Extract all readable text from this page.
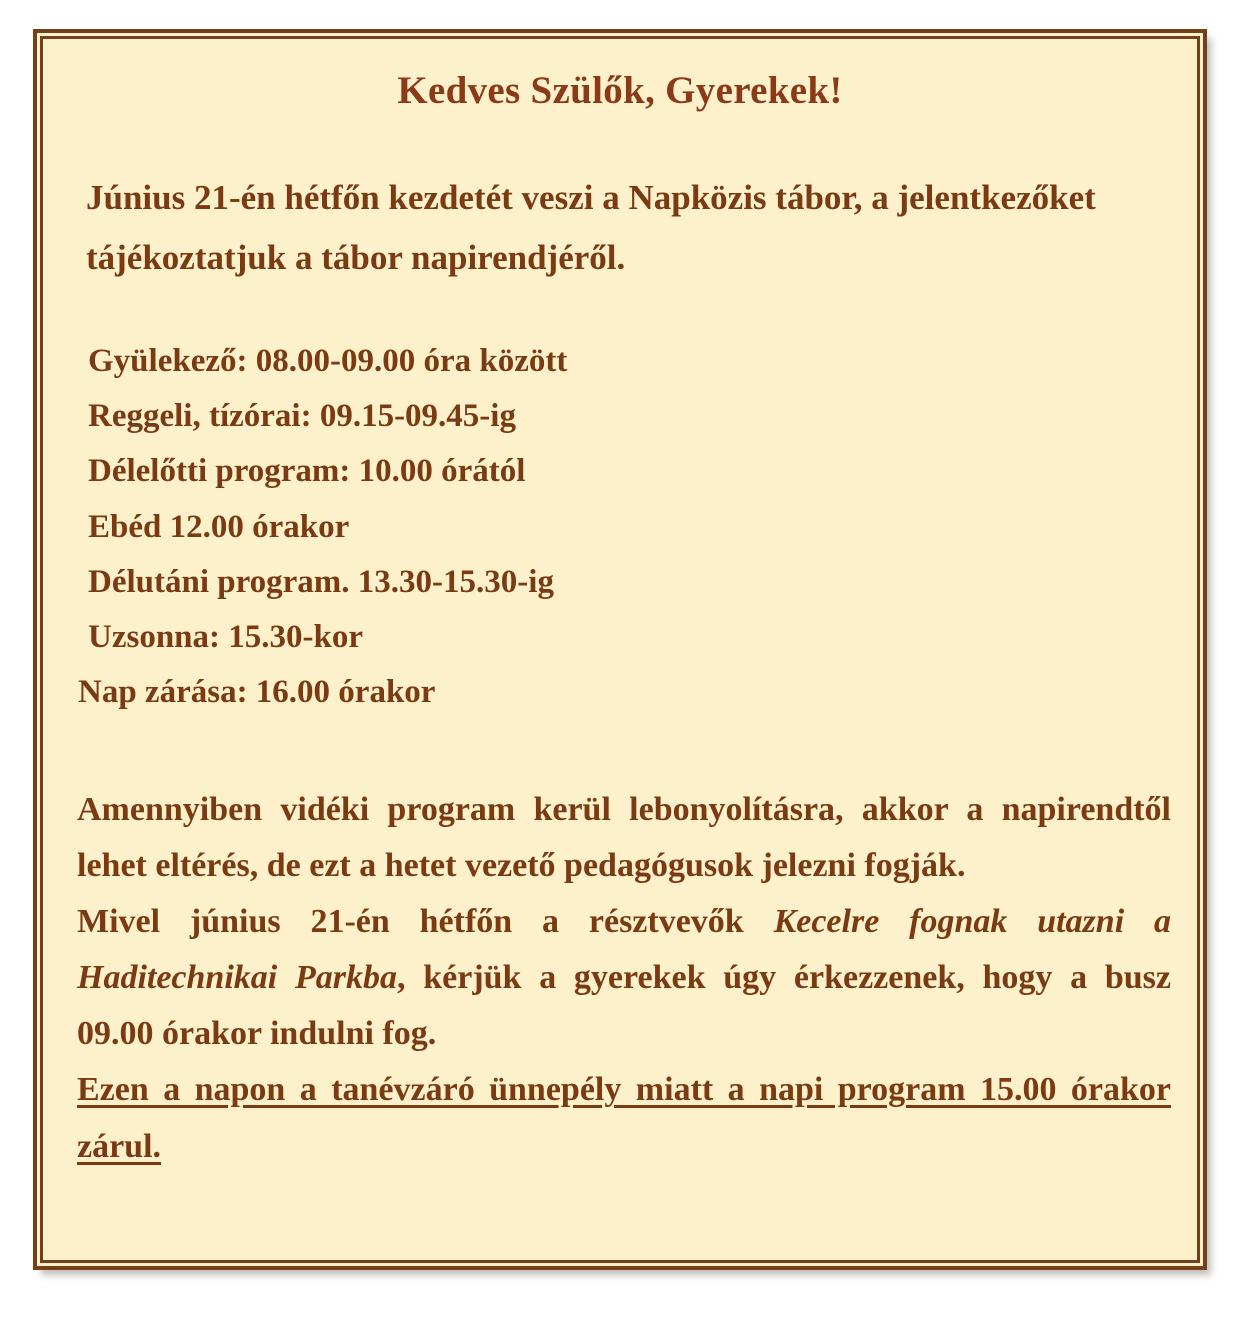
Kedves Szülők, Gyerekek!
Június 21-én hétfőn kezdetét veszi a Napközis tábor, a jelentkezőket
tájékoztatjuk a tábor napirendjéről.
Gyülekező: 08.00-09.00 óra között
Reggeli, tízórai: 09.15-09.45-ig
Délelőtti program: 10.00 órától
Ebéd 12.00 órakor
Délutáni program. 13.30-15.30-ig
Uzsonna: 15.30-kor
Nap zárása: 16.00 órakor

Amennyiben vidéki program kerül lebonyolításra, akkor a napirendtől lehet eltérés, de ezt a hetet vezető pedagógusok jelezni fogják.

Mivel június 21-én hétfőn a résztvevők Kecelre fognak utazni a Haditechnikai Parkba, kérjük a gyerekek úgy érkezzenek, hogy a busz 09.00 órakor indulni fog.

Ezen a napon a tanévzáró ünnepély miatt a napi program 15.00 órakor zárul.
